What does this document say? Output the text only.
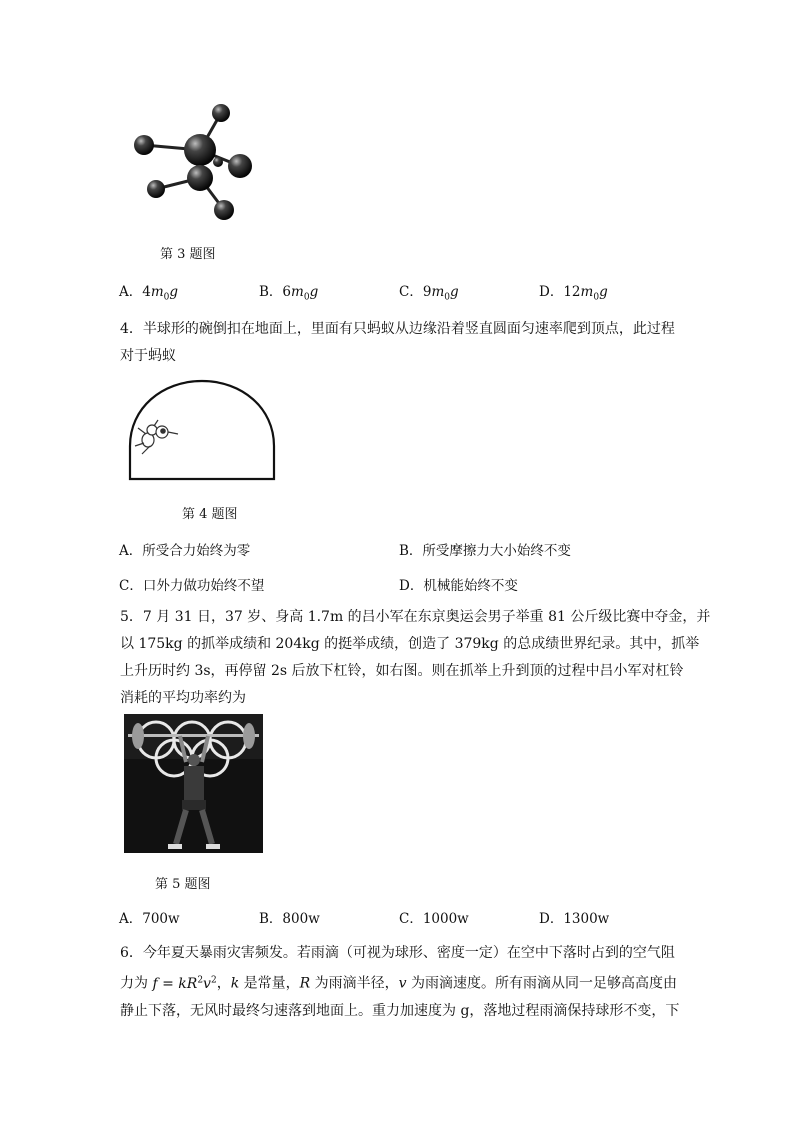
第 3 题图
A．$4m_0g$	B．$6m_0g$	C．$9m_0g$	D．$12m_0g$
4．半球形的碗倒扣在地面上，里面有只蚂蚁从边缘沿着竖直圆面匀速率爬到顶点，此过程
对于蚂蚁
第 4 题图
A．所受合力始终为零	B．所受摩擦力大小始终不变
C．口外力做功始终不望	D．机械能始终不变
5．7 月 31 日，37 岁、身高 1.7m 的吕小军在东京奥运会男子举重 81 公斤级比赛中夺金，并
以 175kg 的抓举成绩和 204kg 的挺举成绩，创造了 379kg 的总成绩世界纪录。其中，抓举
上升历时约 3s，再停留 2s 后放下杠铃，如右图。则在抓举上升到顶的过程中吕小军对杠铃
消耗的平均功率约为
第 5 题图
A．700w	B．800w	C．1000w	D．1300w
6．今年夏天暴雨灾害频发。若雨滴（可视为球形、密度一定）在空中下落时占到的空气阻
力为 $f = kR^2v^2$，k 是常量，R 为雨滴半径，v 为雨滴速度。所有雨滴从同一足够高高度由
静止下落，无风时最终匀速落到地面上。重力加速度为 g，落地过程雨滴保持球形不变，下
